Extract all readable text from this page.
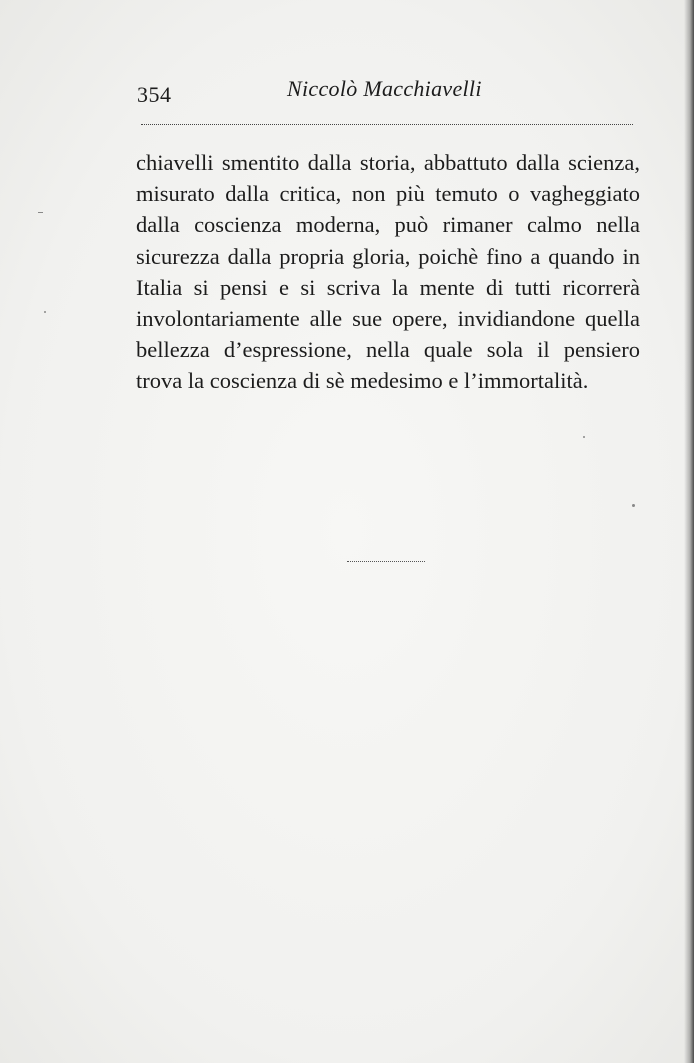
354	Niccolò Macchiavelli

chiavelli smentito dalla storia, abbattuto dalla scienza, misurato dalla critica, non più temuto o vagheggiato dalla coscienza moderna, può rimaner calmo nella sicurezza dalla propria gloria, poichè fino a quando in Italia si pensi e si scriva la mente di tutti ricorrerà involontariamente alle sue opere, invidiandone quella bellezza d’espressione, nella quale sola il pensiero trova la coscienza di sè medesimo e l’immortalità.
